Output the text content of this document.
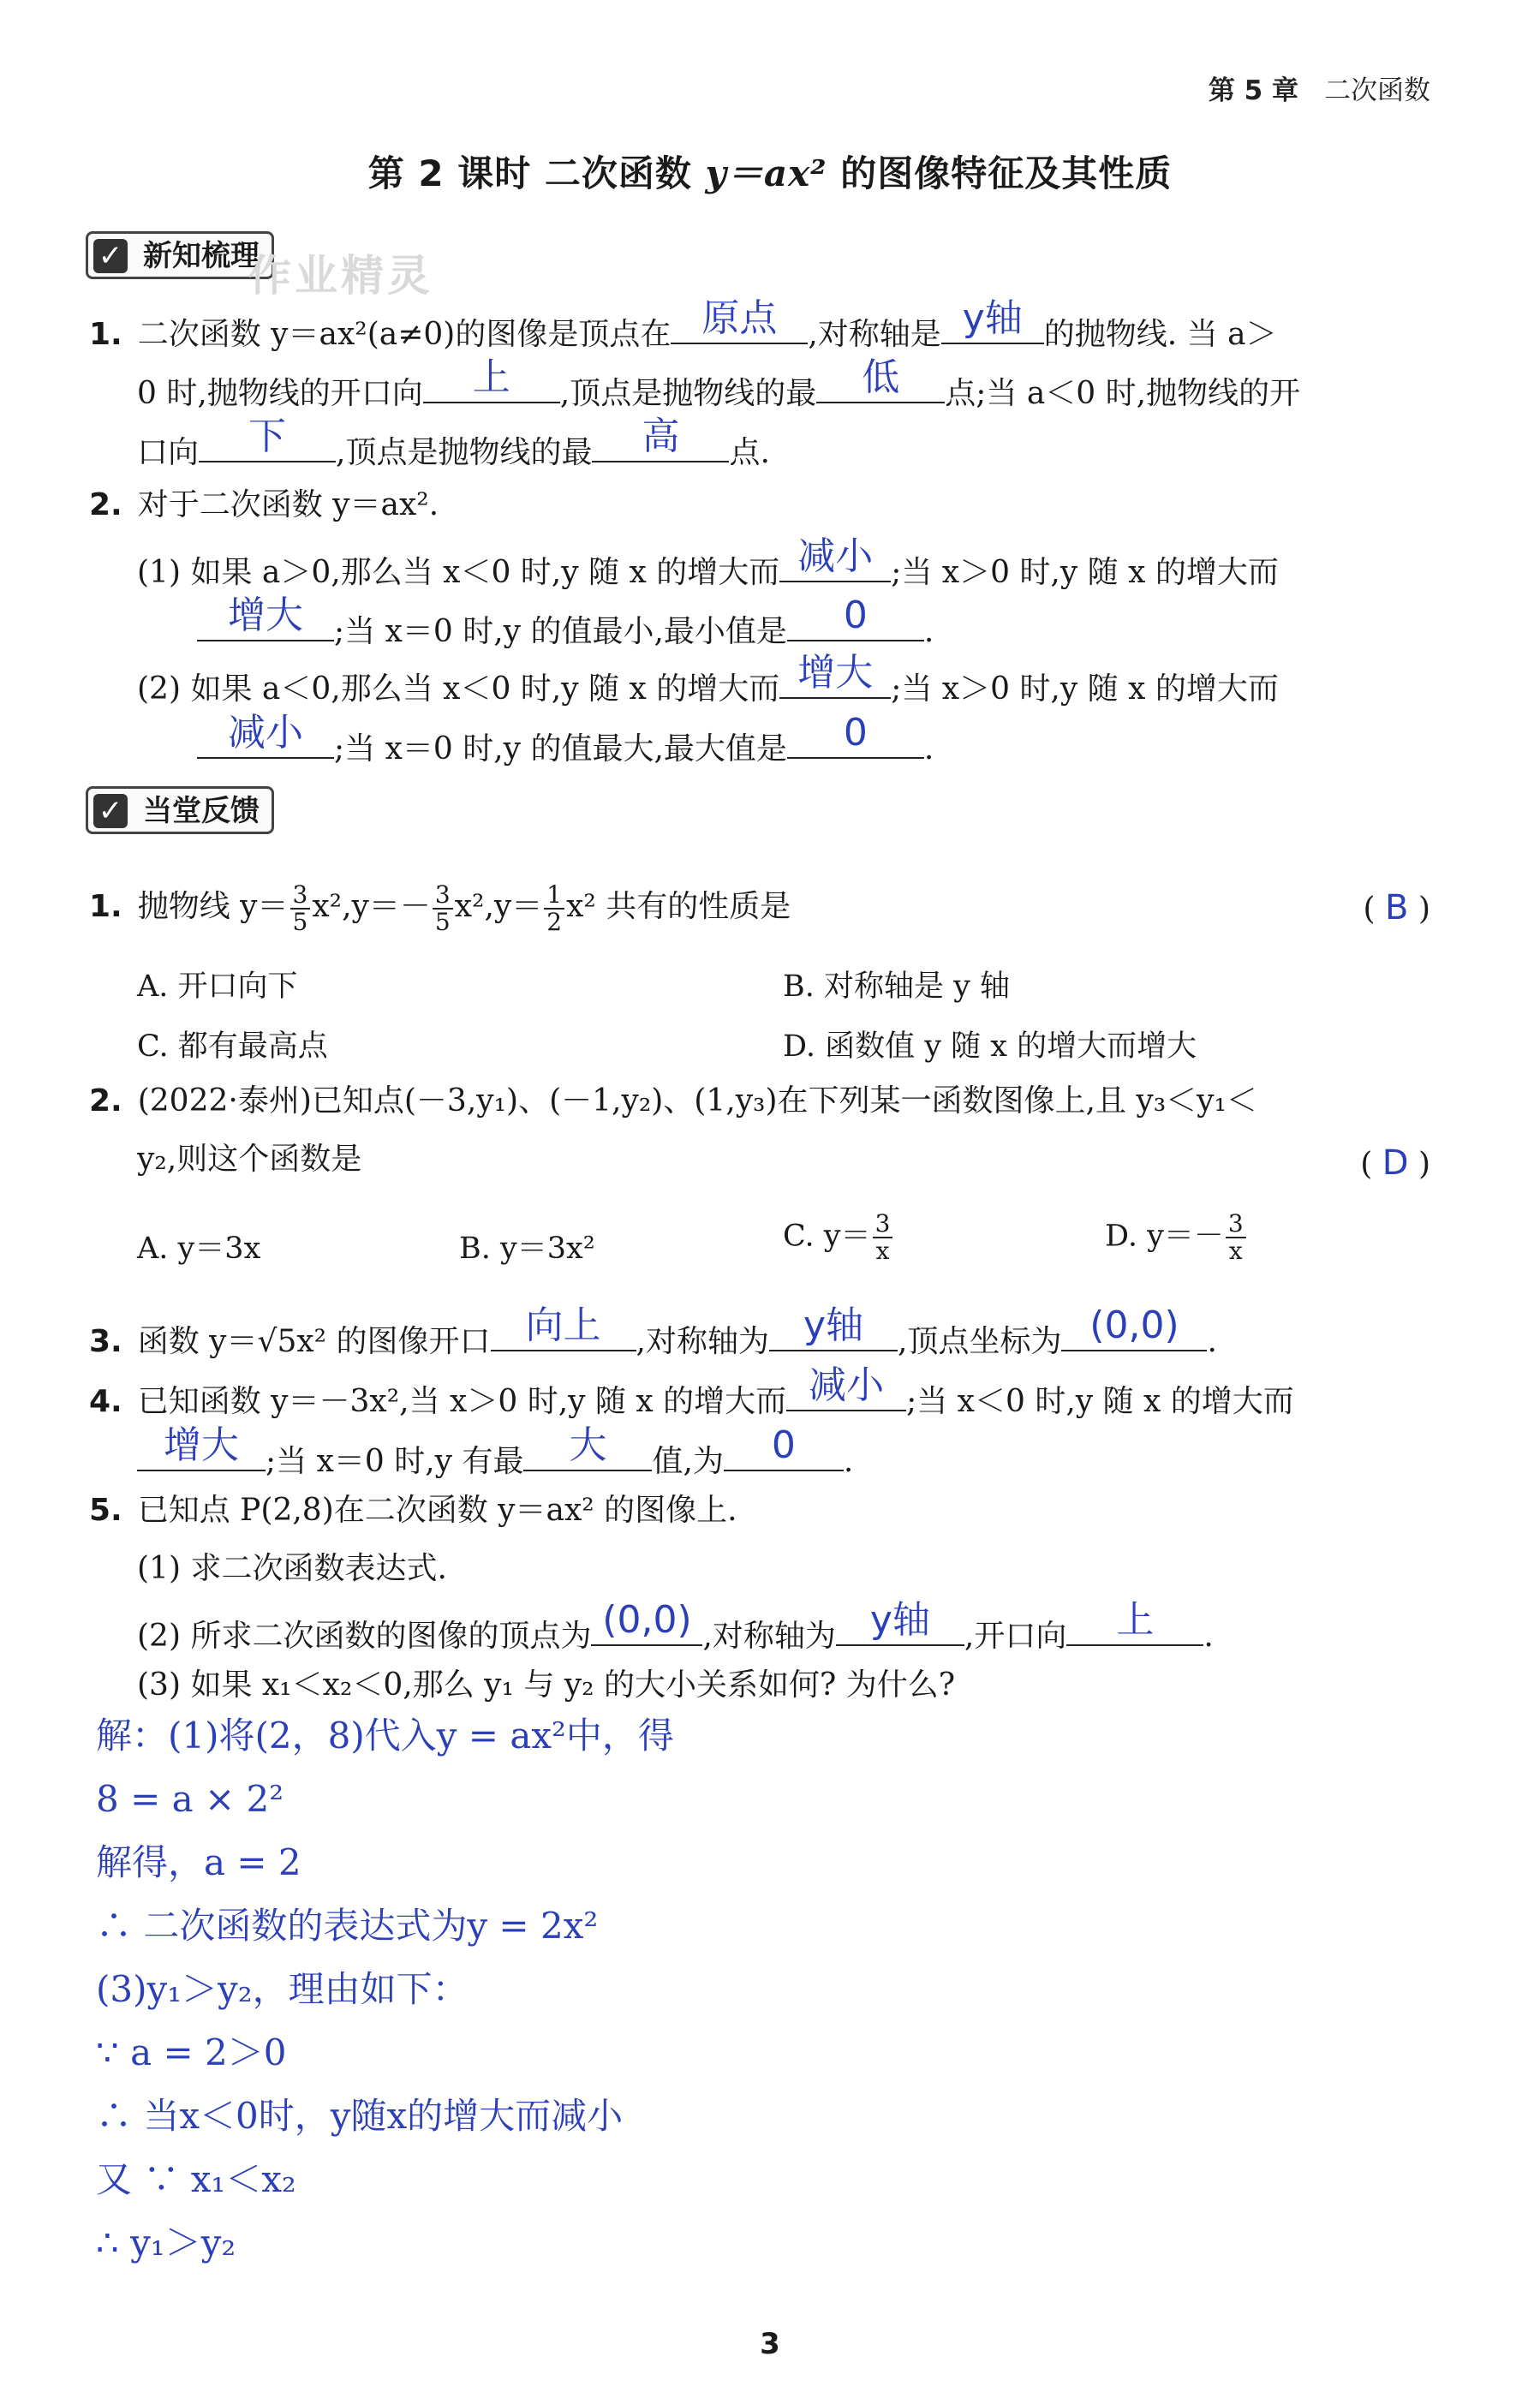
第 5 章 二次函数
第 2 课时 二次函数 y＝ax² 的图像特征及其性质
✓ 新知梳理
作业精灵
1. 二次函数 y＝ax²(a≠0)的图像是顶点在 原点	,对称轴是 y轴 的抛物线. 当 a＞
0 时,抛物线的开口向	上	,顶点是抛物线的最	低	点;当 a＜0 时,抛物线的开
口向	下	,顶点是抛物线的最	高	点.
2. 对于二次函数 y＝ax².
(1) 如果 a＞0,那么当 x＜0 时,y 随 x 的增大而 减小 ;当 x＞0 时,y 随 x 的增大而
增大	;当 x＝0 时,y 的值最小,最小值是	0	.
(2) 如果 a＜0,那么当 x＜0 时,y 随 x 的增大而 增大 ;当 x＞0 时,y 随 x 的增大而
减小	;当 x＝0 时,y 的值最大,最大值是	0	.
✓ 当堂反馈
1. 抛物线 $y= \frac{3}{5} x^2,y=- \frac{3}{5} x^2,y= \frac{1}{2} x^2$ 共有的性质是	( B )
A. 开口向下	B. 对称轴是 y 轴
C. 都有最高点	D. 函数值 y 随 x 的增大而增大
2. (2022·泰州)已知点(－3,y₁)、(－1,y₂)、(1,y₃)在下列某一函数图像上,且 y₃＜y₁＜
y₂,则这个函数是	( D )
A. y＝3x	B. y＝3x²	C. $y= \frac{3}{x}$	D. $y=- \frac{3}{x}$
3. 函数 y＝√5x² 的图像开口 向上	,对称轴为 y轴	,顶点坐标为 (0,0) .
4. 已知函数 y＝－3x²,当 x＞0 时,y 随 x 的增大而 减小 ;当 x＜0 时,y 随 x 的增大而
增大 ;当 x＝0 时,y 有最	大	值,为	0	.
5. 已知点 P(2,8)在二次函数 y＝ax² 的图像上.
(1) 求二次函数表达式.
(2) 所求二次函数的图像的顶点为 (0,0) ,对称轴为 y轴	,开口向	上	.
(3) 如果 x₁＜x₂＜0,那么 y₁ 与 y₂ 的大小关系如何? 为什么?
解：(1)将(2，8)代入y = ax²中，得
8 = a × 2²
解得，a = 2
∴ 二次函数的表达式为y = 2x²
(3)y₁＞y₂，理由如下：
∵ a = 2＞0
∴ 当x＜0时，y随x的增大而减小
又 ∵ x₁＜x₂
∴ y₁＞y₂
3
